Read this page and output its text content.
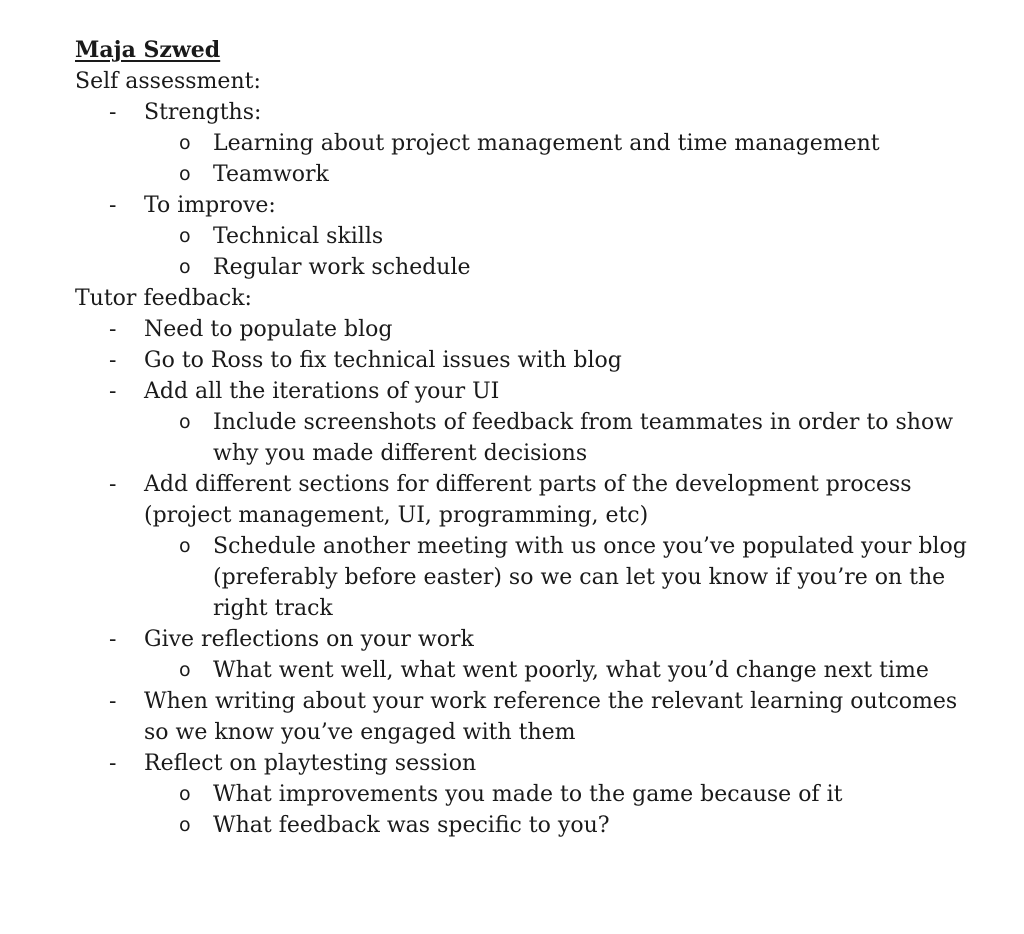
Maja Szwed
Self assessment:
- Strengths:
o Learning about project management and time management
o Teamwork
- To improve:
o Technical skills
o Regular work schedule
Tutor feedback:
- Need to populate blog
- Go to Ross to fix technical issues with blog
- Add all the iterations of your UI
o Include screenshots of feedback from teammates in order to show why you made different decisions
- Add different sections for different parts of the development process (project management, UI, programming, etc)
o Schedule another meeting with us once you’ve populated your blog (preferably before easter) so we can let you know if you’re on the right track
- Give reflections on your work
o What went well, what went poorly, what you’d change next time
- When writing about your work reference the relevant learning outcomes so we know you’ve engaged with them
- Reflect on playtesting session
o What improvements you made to the game because of it
o What feedback was specific to you?
